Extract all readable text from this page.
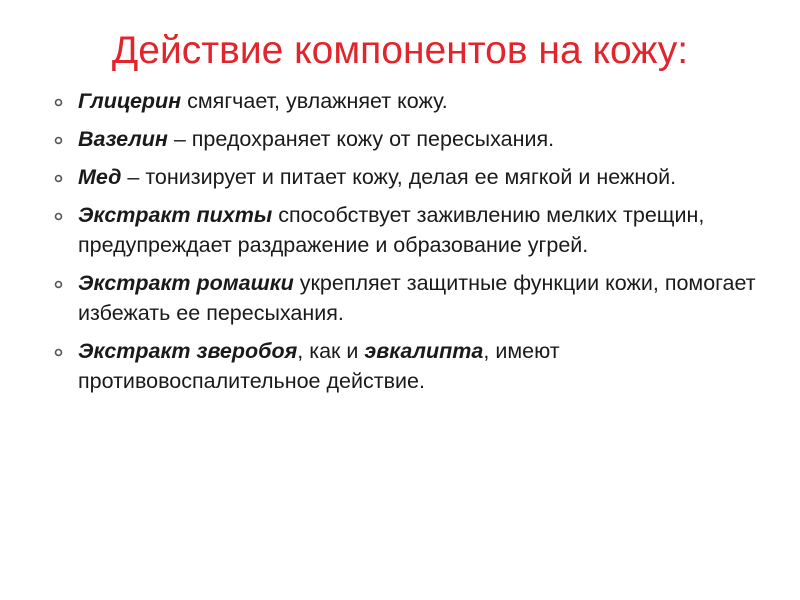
Действие компонентов на кожу:
Глицерин смягчает, увлажняет кожу.
Вазелин – предохраняет кожу от пересыхания.
Мед – тонизирует и питает кожу, делая ее мягкой и нежной.
Экстракт пихты способствует заживлению мелких трещин, предупреждает раздражение и образование угрей.
Экстракт ромашки укрепляет защитные функции кожи, помогает избежать ее пересыхания.
Экстракт зверобоя, как и эвкалипта, имеют противовоспалительное действие.
